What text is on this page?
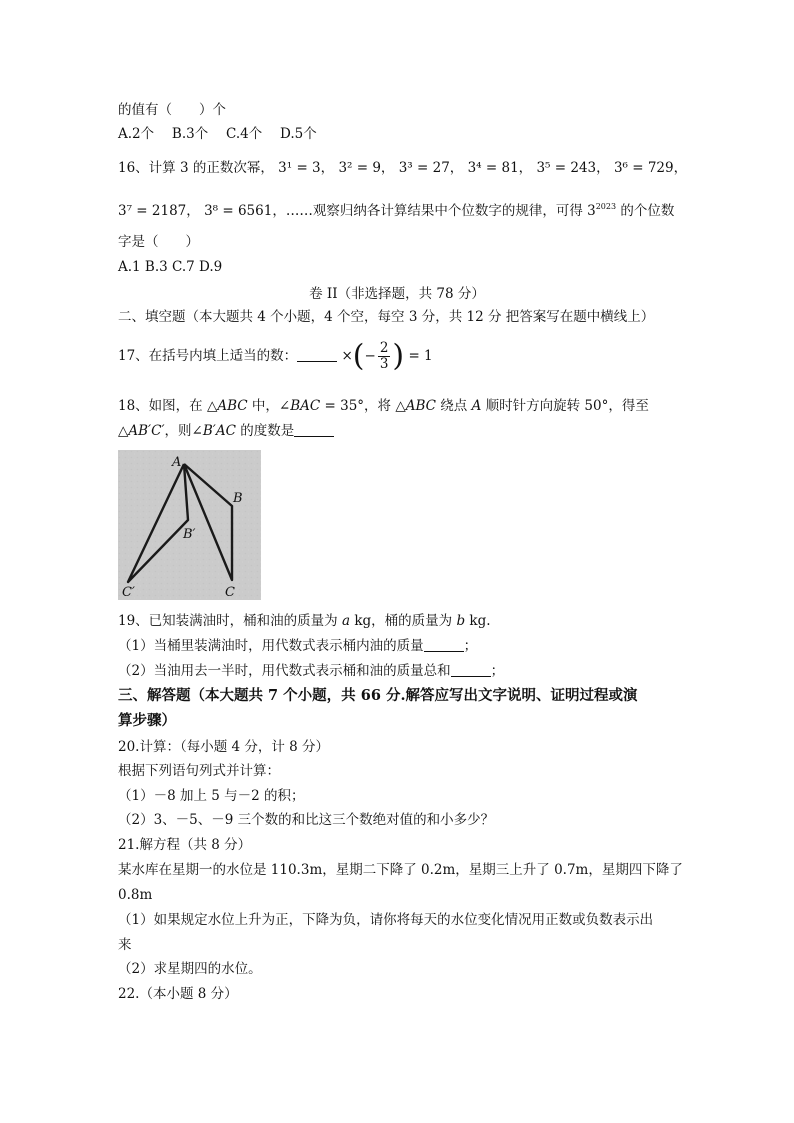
的值有（　　）个
A.2个　 B.3个　 C.4个　 D.5个
16、计算 3 的正数次幂， 3¹ = 3， 3² = 9， 3³ = 27， 3⁴ = 81， 3⁵ = 243， 3⁶ = 729，
3⁷ = 2187， 3⁸ = 6561，……观察归纳各计算结果中个位数字的规律，可得 $3^{2023}$ 的个位数
字是（　　）
A.1 B.3 C.7 D.9
卷 II（非选择题，共 78 分）
二、填空题（本大题共 4 个小题，4 个空，每空 3 分，共 12 分 把答案写在题中横线上）
17、在括号内填上适当的数：	×(− $\frac{2}{3}$ ) = 1
18、如图，在 △ABC 中，∠BAC = 35°，将 △ABC 绕点 A 顺时针方向旋转 50°，得至
△AB′C′，则∠B′AC 的度数是
A
B
B′
C′	C
19、已知装满油时，桶和油的质量为 a kg，桶的质量为 b kg.
（1）当桶里装满油时，用代数式表示桶内油的质量	；
（2）当油用去一半时，用代数式表示桶和油的质量总和	；
三、解答题（本大题共 7 个小题，共 66 分.解答应写出文字说明、证明过程或演
算步骤）
20.计算：（每小题 4 分，计 8 分）
根据下列语句列式并计算：
（1）－8 加上 5 与－2 的积；
（2）3、－5、－9 三个数的和比这三个数绝对值的和小多少？
21.解方程（共 8 分）
某水库在星期一的水位是 110.3m，星期二下降了 0.2m，星期三上升了 0.7m，星期四下降了
0.8m
（1）如果规定水位上升为正，下降为负，请你将每天的水位变化情况用正数或负数表示出
来
（2）求星期四的水位。
22.（本小题 8 分）
